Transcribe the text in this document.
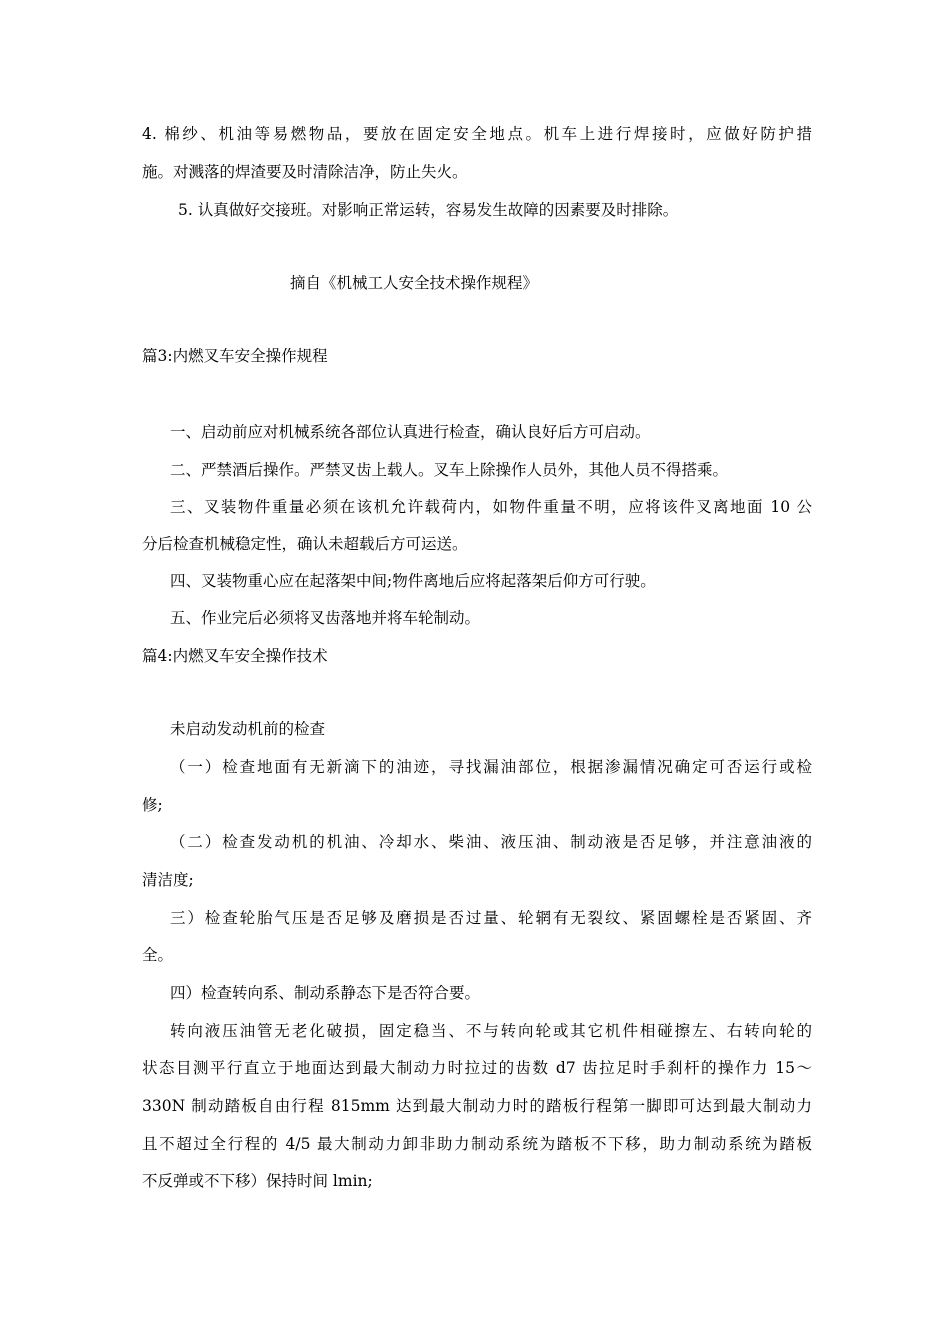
4. 棉纱、机油等易燃物品，要放在固定安全地点。机车上进行焊接时，应做好防护措
施。对溅落的焊渣要及时清除洁净，防止失火。
5. 认真做好交接班。对影响正常运转，容易发生故障的因素要及时排除。
摘自《机械工人安全技术操作规程》
篇3:内燃叉车安全操作规程
一、启动前应对机械系统各部位认真进行检查，确认良好后方可启动。
二、严禁酒后操作。严禁叉齿上载人。叉车上除操作人员外，其他人员不得搭乘。
三、叉装物件重量必须在该机允许载荷内，如物件重量不明，应将该件叉离地面 10 公
分后检查机械稳定性，确认未超载后方可运送。
四、叉装物重心应在起落架中间;物件离地后应将起落架后仰方可行驶。
五、作业完后必须将叉齿落地并将车轮制动。
篇4:内燃叉车安全操作技术
未启动发动机前的检查
（一）检查地面有无新滴下的油迹，寻找漏油部位，根据渗漏情况确定可否运行或检
修;
（二）检查发动机的机油、冷却水、柴油、液压油、制动液是否足够，并注意油液的
清洁度;
三）检查轮胎气压是否足够及磨损是否过量、轮辋有无裂纹、紧固螺栓是否紧固、齐
全。
四）检查转向系、制动系静态下是否符合要。
转向液压油管无老化破损，固定稳当、不与转向轮或其它机件相碰擦左、右转向轮的
状态目测平行直立于地面达到最大制动力时拉过的齿数 d7 齿拉足时手刹杆的操作力 15〜
330N 制动踏板自由行程 815mm 达到最大制动力时的踏板行程第一脚即可达到最大制动力
且不超过全行程的 4/5 最大制动力卸非助力制动系统为踏板不下移，助力制动系统为踏板
不反弹或不下移）保持时间 lmin;
